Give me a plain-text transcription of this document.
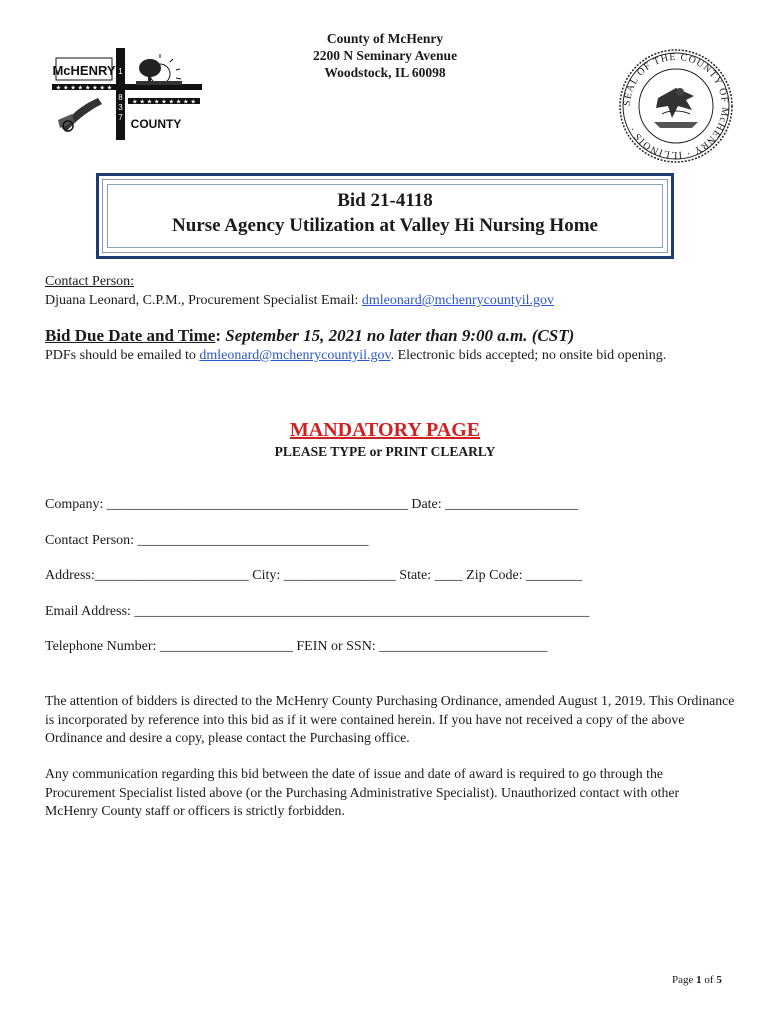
County of McHenry
2200 N Seminary Avenue
Woodstock, IL 60098
McHENRY
★ ★ ★ ★ ★ ★ ★ ★
★ ★ ★ ★ ★ ★ ★ ★ ★
1
8
3
7 COUNTY
SEAL OF THE COUNTY OF McHENRY · ILLINOIS ·
Bid 21-4118
Nurse Agency Utilization at Valley Hi Nursing Home
Contact Person:
Djuana Leonard, C.P.M., Procurement Specialist Email: dmleonard@mchenrycountyil.gov
Bid Due Date and Time: September 15, 2021 no later than 9:00 a.m. (CST)
PDFs should be emailed to dmleonard@mchenrycountyil.gov. Electronic bids accepted; no onsite bid opening.
MANDATORY PAGE
PLEASE TYPE or PRINT CLEARLY
Company: ___________________________________________ Date: ___________________
Contact Person: _________________________________
Address:______________________ City: ________________ State: ____ Zip Code: ________
Email Address: _________________________________________________________________
Telephone Number: ___________________ FEIN or SSN: ________________________
The attention of bidders is directed to the McHenry County Purchasing Ordinance, amended August 1, 2019. This Ordinance is incorporated by reference into this bid as if it were contained herein. If you have not received a copy of the above Ordinance and desire a copy, please contact the Purchasing office.
Any communication regarding this bid between the date of issue and date of award is required to go through the Procurement Specialist listed above (or the Purchasing Administrative Specialist). Unauthorized contact with other McHenry County staff or officers is strictly forbidden.
Page 1 of 5
